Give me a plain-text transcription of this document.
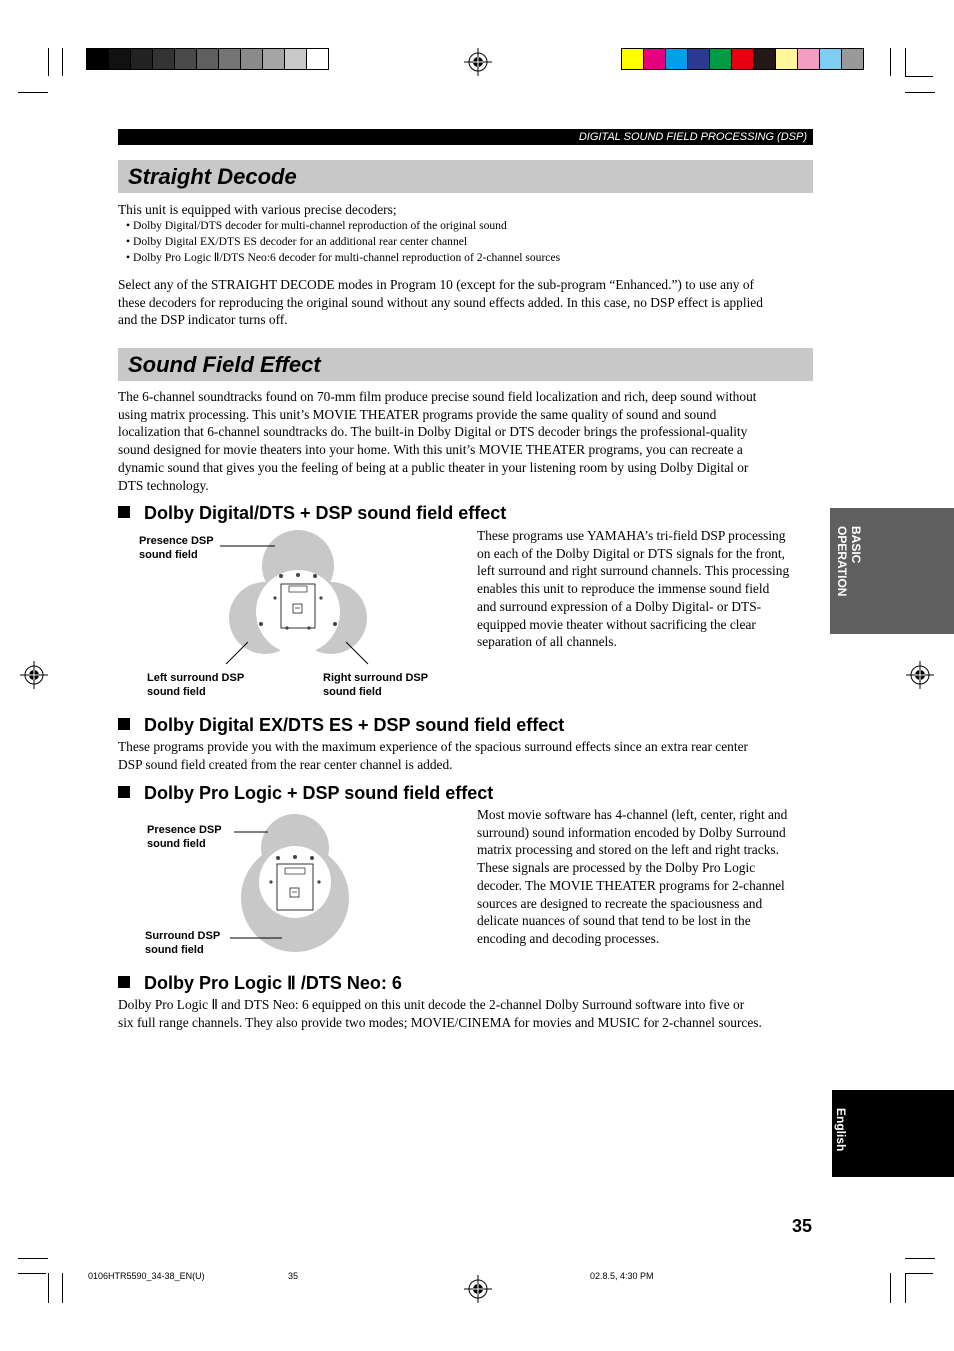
DIGITAL SOUND FIELD PROCESSING (DSP)
Straight Decode

This unit is equipped with various precise decoders;

• Dolby Digital/DTS decoder for multi-channel reproduction of the original sound
• Dolby Digital EX/DTS ES decoder for an additional rear center channel
• Dolby Pro Logic Ⅱ/DTS Neo:6 decoder for multi-channel reproduction of 2-channel sources
Select any of the STRAIGHT DECODE modes in Program 10 (except for the sub-program “Enhanced.”) to use any of
these decoders for reproducing the original sound without any sound effects added. In this case, no DSP effect is applied
and the DSP indicator turns off.
Sound Field Effect
The 6-channel soundtracks found on 70-mm film produce precise sound field localization and rich, deep sound without
using matrix processing. This unit’s MOVIE THEATER programs provide the same quality of sound and sound
localization that 6-channel soundtracks do. The built-in Dolby Digital or DTS decoder brings the professional-quality
sound designed for movie theaters into your home. With this unit’s MOVIE THEATER programs, you can recreate a
dynamic sound that gives you the feeling of being at a public theater in your listening room by using Dolby Digital or
DTS technology.
Dolby Digital/DTS + DSP sound field effect
Presence DSP
sound field
Left surround DSP
sound field
Right surround DSP
sound field
These programs use YAMAHA’s tri-field DSP processing
on each of the Dolby Digital or DTS signals for the front,
left surround and right surround channels. This processing
enables this unit to reproduce the immense sound field
and surround expression of a Dolby Digital- or DTS-
equipped movie theater without sacrificing the clear
separation of all channels.
Dolby Digital EX/DTS ES + DSP sound field effect
These programs provide you with the maximum experience of the spacious surround effects since an extra rear center
DSP sound field created from the rear center channel is added.
Dolby Pro Logic + DSP sound field effect
Presence DSP
sound field
Surround DSP
sound field
Most movie software has 4-channel (left, center, right and
surround) sound information encoded by Dolby Surround
matrix processing and stored on the left and right tracks.
These signals are processed by the Dolby Pro Logic
decoder. The MOVIE THEATER programs for 2-channel
sources are designed to recreate the spaciousness and
delicate nuances of sound that tend to be lost in the
encoding and decoding processes.
Dolby Pro Logic Ⅱ /DTS Neo: 6
Dolby Pro Logic Ⅱ and DTS Neo: 6 equipped on this unit decode the 2-channel Dolby Surround software into five or
six full range channels. They also provide two modes; MOVIE/CINEMA for movies and MUSIC for 2-channel sources.
BASIC
OPERATION
English
35
0106HTR5590_34-38_EN(U)	35	02.8.5, 4:30 PM
